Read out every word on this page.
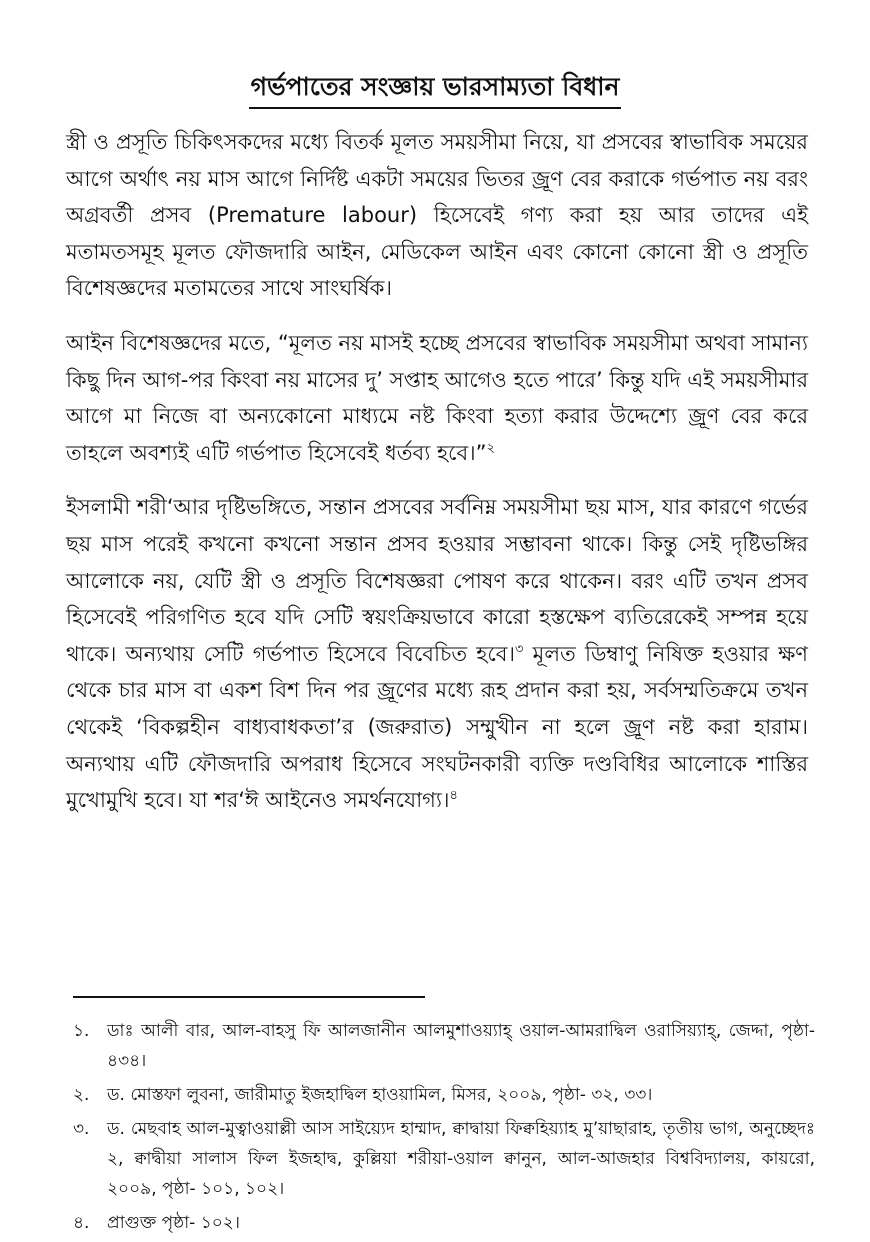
গর্ভপাতের সংজ্ঞায় ভারসাম্যতা বিধান

স্ত্রী ও প্রসূতি চিকিৎসকদের মধ্যে বিতর্ক মূলত সময়সীমা নিয়ে, যা প্রসবের স্বাভাবিক সময়ের আগে অর্থাৎ নয় মাস আগে নির্দিষ্ট একটা সময়ের ভিতর জ্রূণ বের করাকে গর্ভপাত নয় বরং অগ্রবর্তী প্রসব (Premature labour) হিসেবেই গণ্য করা হয় আর তাদের এই মতামতসমূহ মূলত ফৌজদারি আইন, মেডিকেল আইন এবং কোনো কোনো স্ত্রী ও প্রসূতি বিশেষজ্ঞদের মতামতের সাথে সাংঘর্ষিক।

আইন বিশেষজ্ঞদের মতে, “মূলত নয় মাসই হচ্ছে প্রসবের স্বাভাবিক সময়সীমা অথবা সামান্য কিছু দিন আগ-পর কিংবা নয় মাসের দু’ সপ্তাহ আগেও হতে পারে’ কিন্তু যদি এই সময়সীমার আগে মা নিজে বা অন্যকোনো মাধ্যমে নষ্ট কিংবা হত্যা করার উদ্দেশ্যে জ্রূণ বের করে তাহলে অবশ্যই এটি গর্ভপাত হিসেবেই ধর্তব্য হবে।”$^২$

ইসলামী শরী‘আর দৃষ্টিভঙ্গিতে, সন্তান প্রসবের সর্বনিম্ন সময়সীমা ছয় মাস, যার কারণে গর্ভের ছয় মাস পরেই কখনো কখনো সন্তান প্রসব হওয়ার সম্ভাবনা থাকে। কিন্তু সেই দৃষ্টিভঙ্গির আলোকে নয়, যেটি স্ত্রী ও প্রসূতি বিশেষজ্ঞরা পোষণ করে থাকেন। বরং এটি তখন প্রসব হিসেবেই পরিগণিত হবে যদি সেটি স্বয়ংক্রিয়ভাবে কারো হস্তক্ষেপ ব্যতিরেকেই সম্পন্ন হয়ে থাকে। অন্যথায় সেটি গর্ভপাত হিসেবে বিবেচিত হবে।$^৩$ মূলত ডিম্বাণু নিষিক্ত হওয়ার ক্ষণ থেকে চার মাস বা একশ বিশ দিন পর জ্রূণের মধ্যে রূহ প্রদান করা হয়, সর্বসম্মতিক্রমে তখন থেকেই ‘বিকল্পহীন বাধ্যবাধকতা’র (জরুরাত) সম্মুখীন না হলে জ্রূণ নষ্ট করা হারাম। অন্যথায় এটি ফৌজদারি অপরাধ হিসেবে সংঘটনকারী ব্যক্তি দণ্ডবিধির আলোকে শাস্তির মুখোমুখি হবে। যা শর‘ঈ আইনেও সমর্থনযোগ্য।$^৪$

১.	ডাঃ আলী বার, আল-বাহসু ফি আলজানীন আলমুশাওয়্যাহ্ ওয়াল-আমরাদ্বিল ওরাসিয়্যাহ্, জেদ্দা, পৃষ্ঠা- ৪৩৪।
২.	ড. মোস্তফা লুবনা, জারীমাতু ইজহাদ্বিল হাওয়ামিল, মিসর, ২০০৯, পৃষ্ঠা- ৩২, ৩৩।
৩.	ড. মেছবাহ আল-মুত্বাওয়াল্লী আস সাইয়্যেদ হাম্মাদ, ক্বাদ্বায়া ফিক্বহিয়্যাহ মু’য়াছারাহ, তৃতীয় ভাগ, অনুচ্ছেদঃ ২, ক্বাদ্বীয়া সালাস ফিল ইজহাদ্ব, কুল্লিয়া শরীয়া-ওয়াল ক্বানুন, আল-আজহার বিশ্ববিদ্যালয়, কায়রো, ২০০৯, পৃষ্ঠা- ১০১, ১০২।
৪.	প্রাগুক্ত পৃষ্ঠা- ১০২।
